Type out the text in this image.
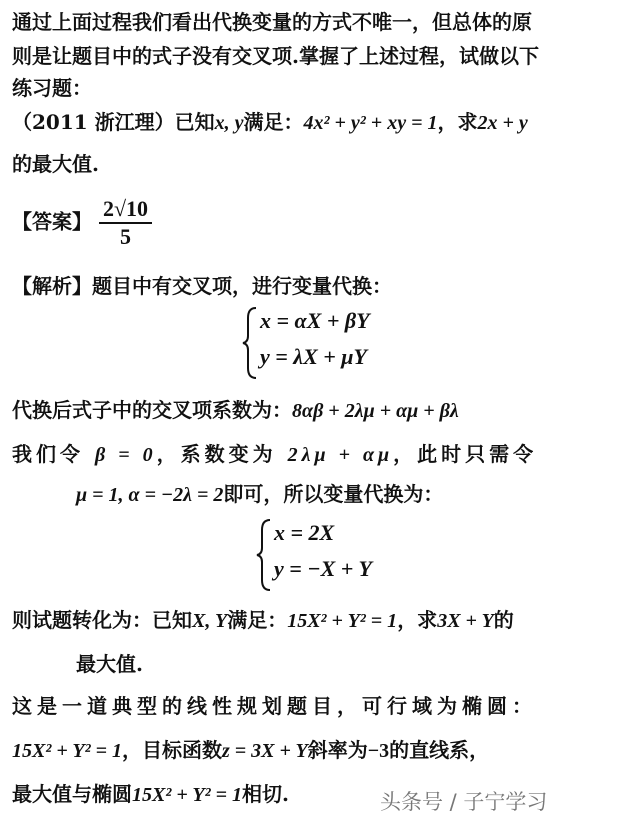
通过上面过程我们看出代换变量的方式不唯一，但总体的原
则是让题目中的式子没有交叉项.掌握了上述过程，试做以下
练习题：
（2011 浙江理）已知x, y满足：4x² + y² + xy = 1，求2x + y
的最大值.
【答案】 $\frac{2√10}{5}$
【解析】题目中有交叉项，进行变量代换：
x = αX + βY
y = λX + μY
代换后式子中的交叉项系数为：8αβ + 2λμ + αμ + βλ
我们令 β = 0，系数变为 2λμ + αμ，此时只需令
μ = 1, α = −2λ = 2即可，所以变量代换为：
x = 2X
y = −X + Y
则试题转化为：已知X, Y满足：15X² + Y² = 1，求3X + Y的
最大值.
这是一道典型的线性规划题目，可行域为椭圆：
15X² + Y² = 1，目标函数z = 3X + Y斜率为−3的直线系，
最大值与椭圆15X² + Y² = 1相切.	头条号 / 子宁学习
